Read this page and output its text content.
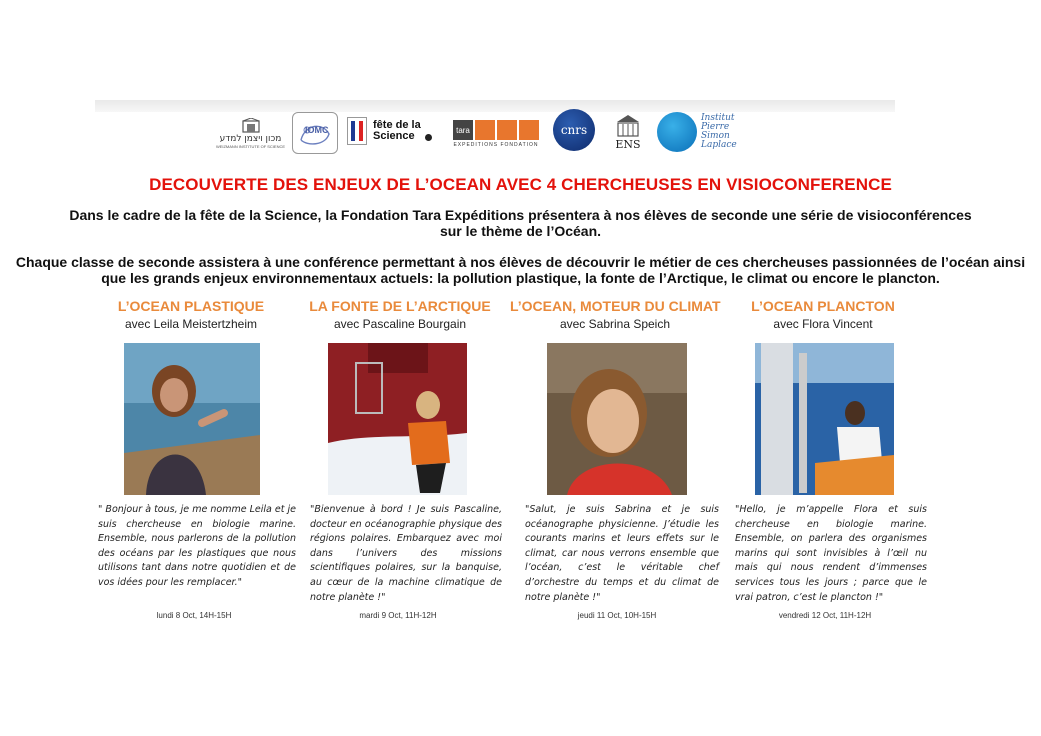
מכון ויצמן למדע
WEIZMANN INSTITUTE OF SCIENCE
IOMC	fête de la Science	tara
EXPEDITIONS FONDATION
cnrs
ENS
Institut
Pierre
Simon
Laplace
DECOUVERTE DES ENJEUX DE L’OCEAN AVEC 4 CHERCHEUSES EN VISIOCONFERENCE
Dans le cadre de la fête de la Science, la Fondation Tara Expéditions présentera à nos élèves de seconde une série de visioconférences sur le thème de l’Océan.
Chaque classe de seconde assistera à une conférence permettant à nos élèves de découvrir le métier de ces chercheuses passionnées de l’océan ainsi que les grands enjeux environnementaux actuels: la pollution plastique, la fonte de l’Arctique, le climat ou encore le plancton.
L’OCEAN PLASTIQUE
avec Leila Meistertzheim
" Bonjour à tous, je me nomme Leila et je suis chercheuse en biologie marine. Ensemble, nous parlerons de la pollution des océans par les plastiques que nous utilisons tant dans notre quotidien et de vos idées pour les remplacer."
lundi 8 Oct, 14H-15H
LA FONTE DE L’ARCTIQUE
avec Pascaline Bourgain
"Bienvenue à bord ! Je suis Pascaline, docteur en océanographie physique des régions polaires. Embarquez avec moi dans l’univers des missions scientifiques polaires, sur la banquise, au cœur de la machine climatique de notre planète !"
mardi 9 Oct, 11H-12H
L’OCEAN, MOTEUR DU CLIMAT
avec Sabrina Speich
"Salut, je suis Sabrina et je suis océanographe physicienne. J’étudie les courants marins et leurs effets sur le climat, car nous verrons ensemble que l’océan, c’est le véritable chef d’orchestre du temps et du climat de notre planète !"
jeudi 11 Oct, 10H-15H
L’OCEAN PLANCTON
avec Flora Vincent
"Hello, je m’appelle Flora et suis chercheuse en biologie marine. Ensemble, on parlera des organismes marins qui sont invisibles à l’œil nu mais qui nous rendent d’immenses services tous les jours ; parce que le vrai patron, c’est le plancton !"
vendredi 12 Oct, 11H-12H
